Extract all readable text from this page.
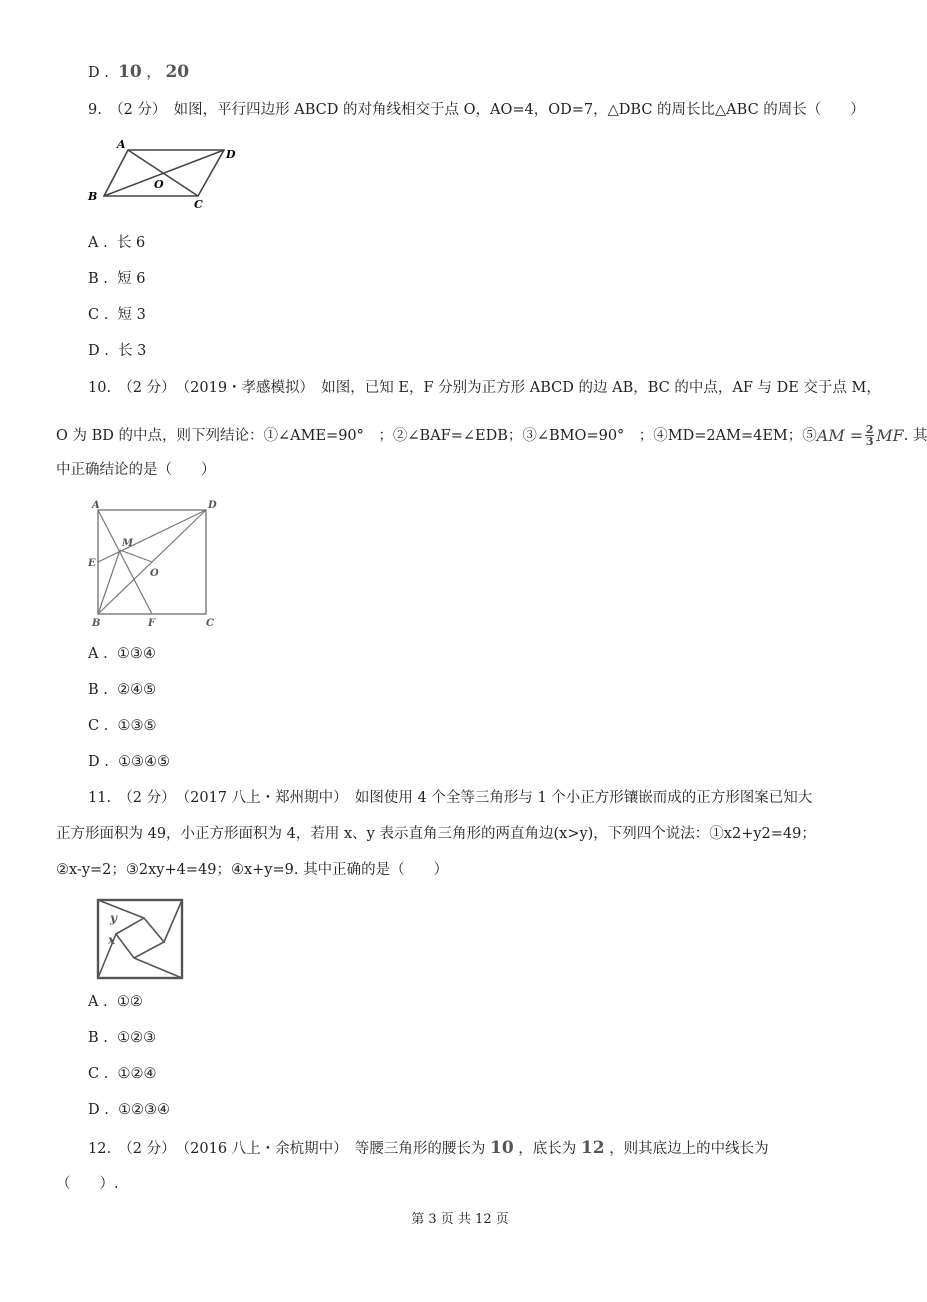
D . 10 ， 20
9.　（2 分）　如图，平行四边形 ABCD 的对角线相交于点 O，AO=4，OD=7，△DBC 的周长比△ABC 的周长（　　）
A
D
B
C
O
A . 长 6
B . 短 6
C . 短 3
D . 长 3
10.　（2 分）　（2019・孝感模拟）　如图，已知 E，F 分别为正方形 ABCD 的边 AB，BC 的中点，AF 与 DE 交于点 M，
O 为 BD 的中点，则下列结论：①∠AME=90°　；②∠BAF=∠EDB；③∠BMO=90°　；④MD=2AM=4EM；⑤ AM = $\frac{2}{3}$ MF . 其
中正确结论的是（　　）
A	D
E
M
O
B	F	C
A . ①③④
B . ②④⑤
C . ①③⑤
D . ①③④⑤
11.　（2 分）　（2017 八上・郑州期中）　如图使用 4 个全等三角形与 1 个小正方形镶嵌而成的正方形图案已知大
正方形面积为 49，小正方形面积为 4，若用 x、y 表示直角三角形的两直角边(x>y)，下列四个说法：①x2+y2=49；
②x-y=2；③2xy+4=49；④x+y=9. 其中正确的是（　　）
y
x
A . ①②
B . ①②③
C . ①②④
D . ①②③④
12.　（2 分）　（2016 八上・余杭期中）　等腰三角形的腰长为 10 ，底长为 12 ，则其底边上的中线长为
（　　）.
第 3 页 共 12 页
